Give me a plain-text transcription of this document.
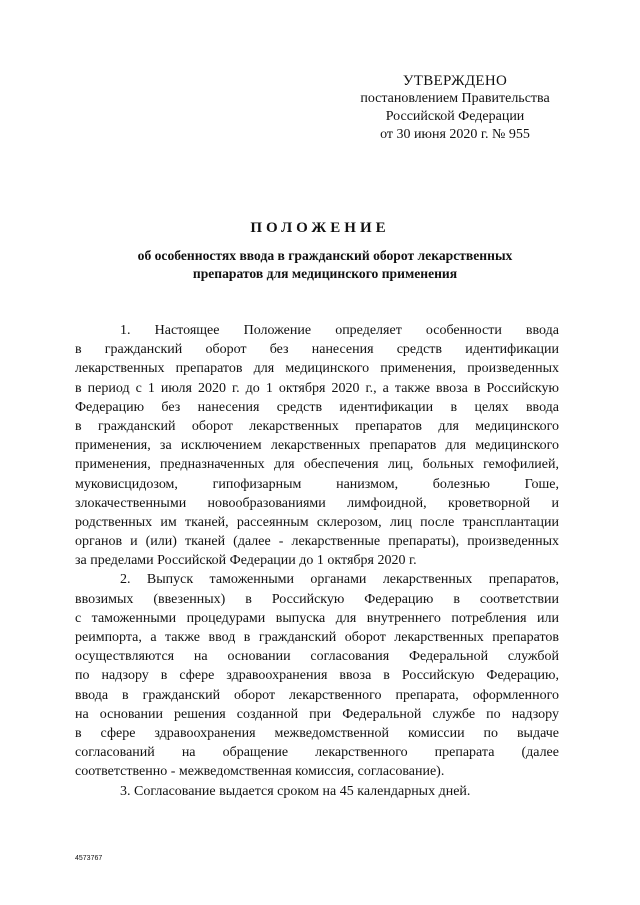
УТВЕРЖДЕНО
постановлением Правительства
Российской Федерации
от 30 июня 2020 г. № 955
ПОЛОЖЕНИЕ
об особенностях ввода в гражданский оборот лекарственных
препаратов для медицинского применения
1. Настоящее Положение определяет особенности ввода
в гражданский оборот без нанесения средств идентификации
лекарственных препаратов для медицинского применения, произведенных
в период с 1 июля 2020 г. до 1 октября 2020 г., а также ввоза в Российскую
Федерацию без нанесения средств идентификации в целях ввода
в гражданский оборот лекарственных препаратов для медицинского
применения, за исключением лекарственных препаратов для медицинского
применения, предназначенных для обеспечения лиц, больных гемофилией,
муковисцидозом, гипофизарным нанизмом, болезнью Гоше,
злокачественными новообразованиями лимфоидной, кроветворной и
родственных им тканей, рассеянным склерозом, лиц после трансплантации
органов и (или) тканей (далее - лекарственные препараты), произведенных
за пределами Российской Федерации до 1 октября 2020 г.
2. Выпуск таможенными органами лекарственных препаратов,
ввозимых (ввезенных) в Российскую Федерацию в соответствии
с таможенными процедурами выпуска для внутреннего потребления или
реимпорта, а также ввод в гражданский оборот лекарственных препаратов
осуществляются на основании согласования Федеральной службой
по надзору в сфере здравоохранения ввоза в Российскую Федерацию,
ввода в гражданский оборот лекарственного препарата, оформленного
на основании решения созданной при Федеральной службе по надзору
в сфере здравоохранения межведомственной комиссии по выдаче
согласований на обращение лекарственного препарата (далее
соответственно - межведомственная комиссия, согласование).
3. Согласование выдается сроком на 45 календарных дней.
4573767
